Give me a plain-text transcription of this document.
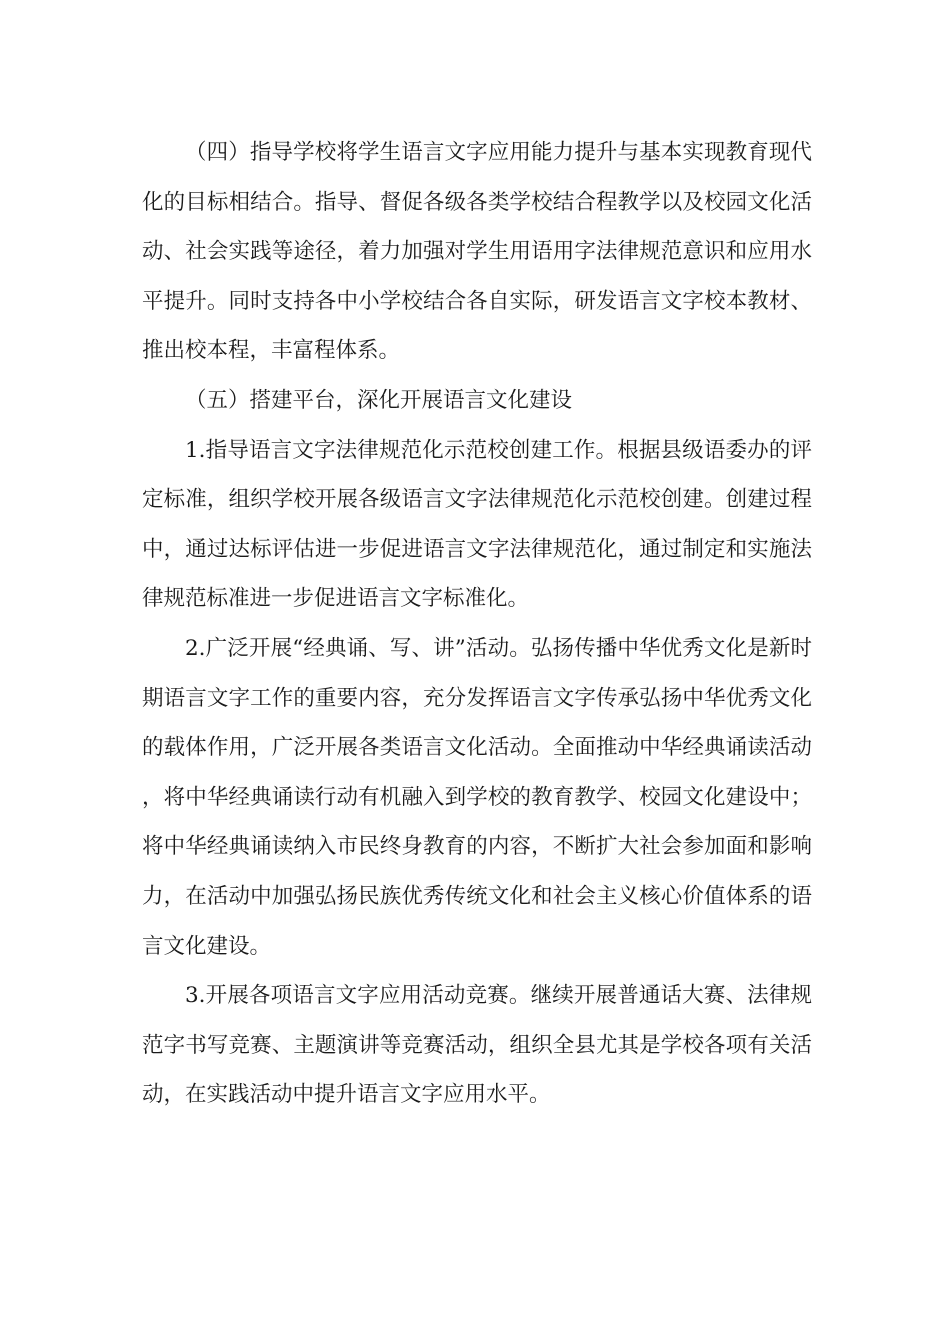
（四）指导学校将学生语言文字应用能力提升与基本实现教育现代化的目标相结合。指导、督促各级各类学校结合程教学以及校园文化活动、社会实践等途径，着力加强对学生用语用字法律规范意识和应用水平提升。同时支持各中小学校结合各自实际，研发语言文字校本教材、推出校本程，丰富程体系。

（五）搭建平台，深化开展语言文化建设

1.指导语言文字法律规范化示范校创建工作。根据县级语委办的评定标准，组织学校开展各级语言文字法律规范化示范校创建。创建过程中，通过达标评估进一步促进语言文字法律规范化，通过制定和实施法律规范标准进一步促进语言文字标准化。

2.广泛开展“经典诵、写、讲”活动。弘扬传播中华优秀文化是新时期语言文字工作的重要内容，充分发挥语言文字传承弘扬中华优秀文化的载体作用，广泛开展各类语言文化活动。全面推动中华经典诵读活动，将中华经典诵读行动有机融入到学校的教育教学、校园文化建设中；将中华经典诵读纳入市民终身教育的内容，不断扩大社会参加面和影响力，在活动中加强弘扬民族优秀传统文化和社会主义核心价值体系的语言文化建设。

3.开展各项语言文字应用活动竞赛。继续开展普通话大赛、法律规范字书写竞赛、主题演讲等竞赛活动，组织全县尤其是学校各项有关活动，在实践活动中提升语言文字应用水平。
